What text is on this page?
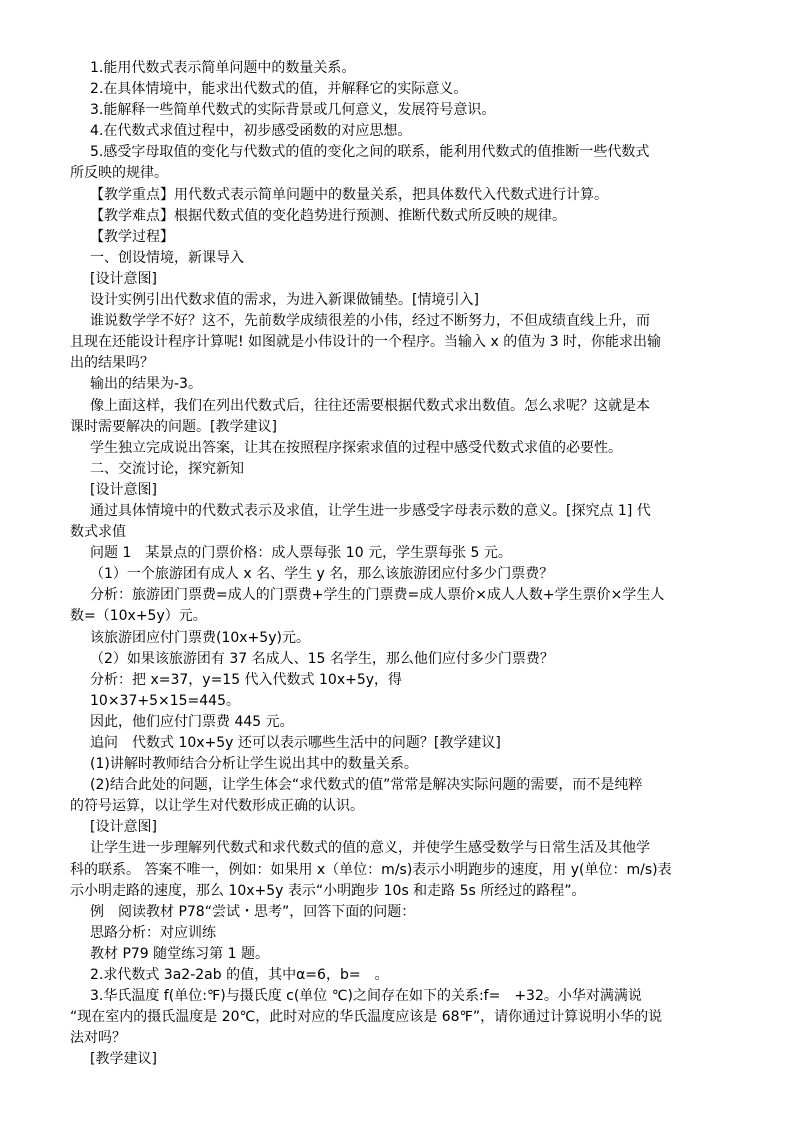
1.能用代数式表示简单问题中的数量关系。

2.在具体情境中，能求出代数式的值，并解释它的实际意义。

3.能解释一些简单代数式的实际背景或几何意义，发展符号意识。

4.在代数式求值过程中，初步感受函数的对应思想。

5.感受字母取值的变化与代数式的值的变化之间的联系，能利用代数式的值推断一些代数式

所反映的规律。

【教学重点】用代数式表示简单问题中的数量关系，把具体数代入代数式进行计算。

【教学难点】根据代数式值的变化趋势进行预测、推断代数式所反映的规律。

【教学过程】

一、创设情境，新课导入

[设计意图]

设计实例引出代数求值的需求，为进入新课做铺垫。[情境引入]

谁说数学学不好？这不，先前数学成绩很差的小伟，经过不断努力，不但成绩直线上升，而

且现在还能设计程序计算呢! 如图就是小伟设计的一个程序。当输入 x 的值为 3 时，你能求出输

出的结果吗？

输出的结果为-3。

像上面这样，我们在列出代数式后，往往还需要根据代数式求出数值。怎么求呢？这就是本

课时需要解决的问题。[教学建议]

学生独立完成说出答案，让其在按照程序探索求值的过程中感受代数式求值的必要性。

二、交流讨论，探究新知

[设计意图]

通过具体情境中的代数式表示及求值，让学生进一步感受字母表示数的意义。[探究点 1] 代

数式求值

问题 1　某景点的门票价格：成人票每张 10 元，学生票每张 5 元。

（1）一个旅游团有成人 x 名、学生 y 名，那么该旅游团应付多少门票费？

分析：旅游团门票费=成人的门票费+学生的门票费=成人票价×成人人数+学生票价×学生人

数=（10x+5y）元。

该旅游团应付门票费(10x+5y)元。

（2）如果该旅游团有 37 名成人、15 名学生，那么他们应付多少门票费？

分析：把 x=37，y=15 代入代数式 10x+5y，得

10×37+5×15=445。

因此，他们应付门票费 445 元。

追问　代数式 10x+5y 还可以表示哪些生活中的问题？[教学建议]

(1)讲解时教师结合分析让学生说出其中的数量关系。

(2)结合此处的问题，让学生体会“求代数式的值”常常是解决实际问题的需要，而不是纯粹

的符号运算，以让学生对代数形成正确的认识。

[设计意图]

让学生进一步理解列代数式和求代数式的值的意义，并使学生感受数学与日常生活及其他学

科的联系。 答案不唯一，例如：如果用 x（单位：m/s)表示小明跑步的速度，用 y(单位：m/s)表

示小明走路的速度，那么 10x+5y 表示“小明跑步 10s 和走路 5s 所经过的路程”。

例　阅读教材 P78“尝试・思考”，回答下面的问题：

思路分析：对应训练

教材 P79 随堂练习第 1 题。

2.求代数式 3a2-2ab 的值，其中α=6，b=　。

3.华氏温度 f(单位:℉)与摄氏度 c(单位 ℃)之间存在如下的关系:f=　+32。小华对满满说

“现在室内的摄氏温度是 20℃，此时对应的华氏温度应该是 68℉”，请你通过计算说明小华的说

法对吗？

[教学建议]
